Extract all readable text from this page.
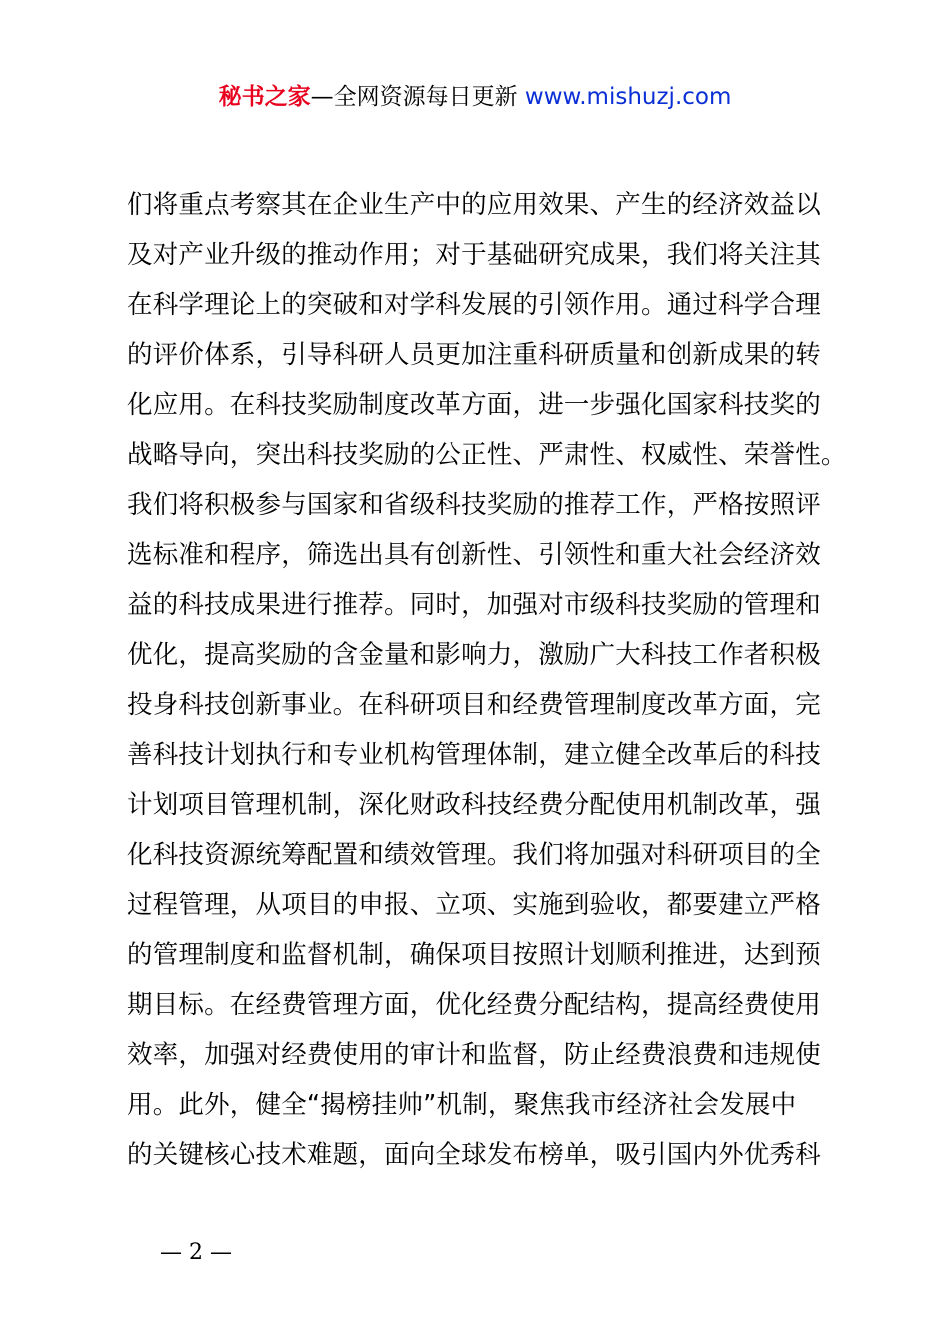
秘书之家—全网资源每日更新 www.mishuzj.com
们将重点考察其在企业生产中的应用效果、产生的经济效益以
及对产业升级的推动作用；对于基础研究成果，我们将关注其
在科学理论上的突破和对学科发展的引领作用。通过科学合理
的评价体系，引导科研人员更加注重科研质量和创新成果的转
化应用。在科技奖励制度改革方面，进一步强化国家科技奖的
战略导向，突出科技奖励的公正性、严肃性、权威性、荣誉性。
我们将积极参与国家和省级科技奖励的推荐工作，严格按照评
选标准和程序，筛选出具有创新性、引领性和重大社会经济效
益的科技成果进行推荐。同时，加强对市级科技奖励的管理和
优化，提高奖励的含金量和影响力，激励广大科技工作者积极
投身科技创新事业。在科研项目和经费管理制度改革方面，完
善科技计划执行和专业机构管理体制，建立健全改革后的科技
计划项目管理机制，深化财政科技经费分配使用机制改革，强
化科技资源统筹配置和绩效管理。我们将加强对科研项目的全
过程管理，从项目的申报、立项、实施到验收，都要建立严格
的管理制度和监督机制，确保项目按照计划顺利推进，达到预
期目标。在经费管理方面，优化经费分配结构，提高经费使用
效率，加强对经费使用的审计和监督，防止经费浪费和违规使
用。此外，健全“揭榜挂帅”机制，聚焦我市经济社会发展中
的关键核心技术难题，面向全球发布榜单，吸引国内外优秀科
— 2 —
